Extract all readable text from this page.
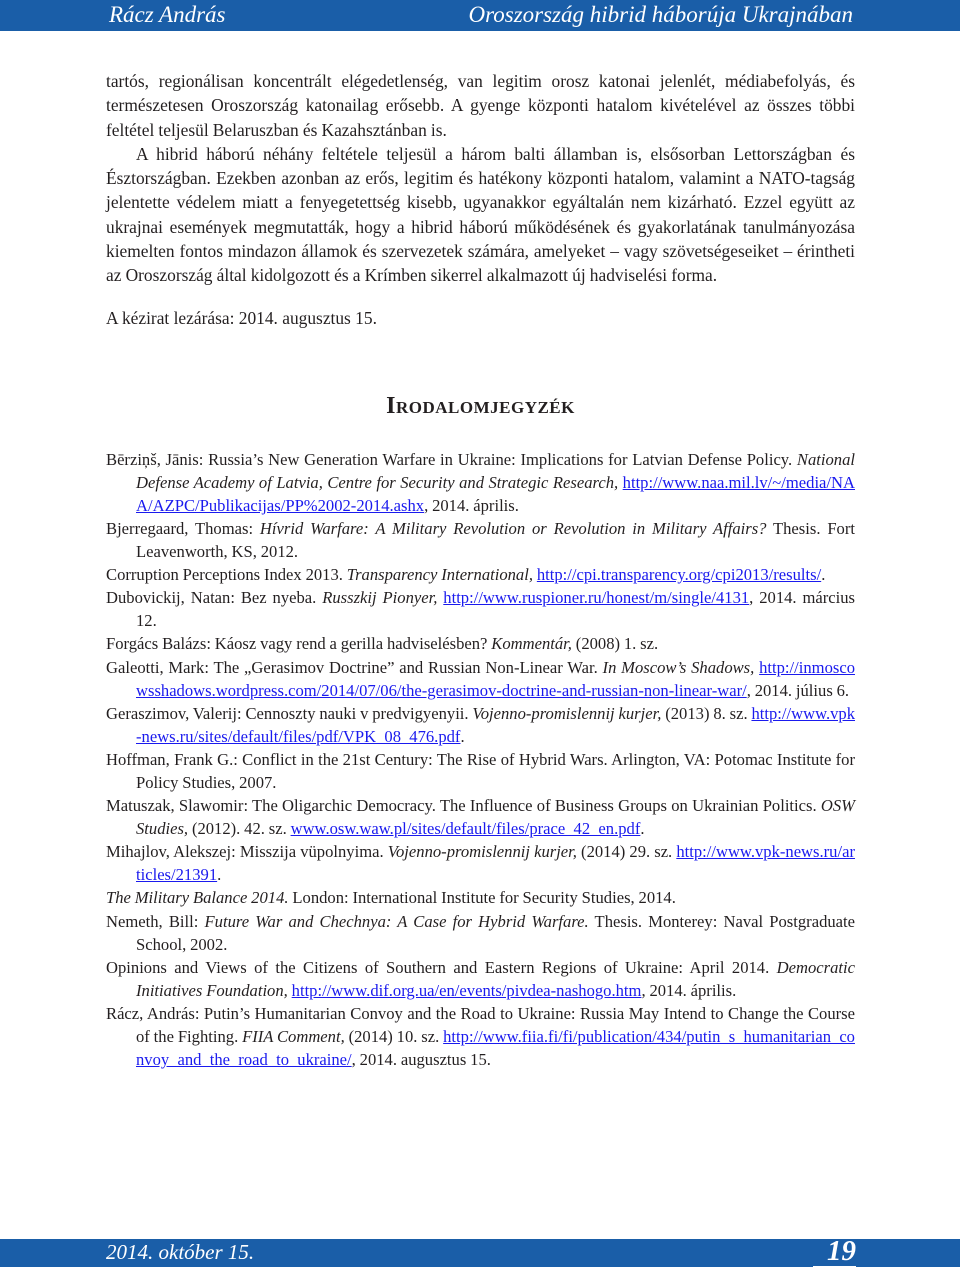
Rácz András	Oroszország hibrid háborúja Ukrajnában

tartós, regionálisan koncentrált elégedetlenség, van legitim orosz katonai jelenlét, médiabefolyás, és természetesen Oroszország katonailag erősebb. A gyenge központi hatalom kivételével az összes többi feltétel teljesül Belaruszban és Kazahsztánban is.

A hibrid háború néhány feltétele teljesül a három balti államban is, elsősorban Lettországban és Észtországban. Ezekben azonban az erős, legitim és hatékony központi hatalom, valamint a NATO-tagság jelentette védelem miatt a fenyegetettség kisebb, ugyanakkor egyáltalán nem kizárható. Ezzel együtt az ukrajnai események megmutatták, hogy a hibrid háború működésének és gyakorlatának tanulmányozása kiemelten fontos mindazon államok és szervezetek számára, amelyeket – vagy szövetségeseiket – érintheti az Oroszország által kidolgozott és a Krímben sikerrel alkalmazott új hadviselési forma.

A kézirat lezárása: 2014. augusztus 15.

Irodalomjegyzék
Bērziņš, Jānis: Russia’s New Generation Warfare in Ukraine: Implications for Latvian Defense Policy. National Defense Academy of Latvia, Centre for Security and Strategic Research, http://www.naa.mil.lv/~/media/NAA/AZPC/Publikacijas/PP%2002-2014.ashx, 2014. április.
Bjerregaard, Thomas: Hívrid Warfare: A Military Revolution or Revolution in Military Affairs? Thesis. Fort Leavenworth, KS, 2012.
Corruption Perceptions Index 2013. Transparency International, http://cpi.transparency.org/cpi2013/results/.
Dubovickij, Natan: Bez nyeba. Russzkij Pionyer, http://www.ruspioner.ru/honest/m/single/4131, 2014. március 12.
Forgács Balázs: Káosz vagy rend a gerilla hadviselésben? Kommentár, (2008) 1. sz.
Galeotti, Mark: The „Gerasimov Doctrine” and Russian Non-Linear War. In Moscow’s Shadows, http://inmoscowsshadows.wordpress.com/2014/07/06/the-gerasimov-doctrine-and-russian-non-linear-war/, 2014. július 6.
Geraszimov, Valerij: Cennoszty nauki v predvigyenyii. Vojenno-promislennij kurjer, (2013) 8. sz. http://www.vpk-news.ru/sites/default/files/pdf/VPK_08_476.pdf.
Hoffman, Frank G.: Conflict in the 21st Century: The Rise of Hybrid Wars. Arlington, VA: Potomac Institute for Policy Studies, 2007.
Matuszak, Slawomir: The Oligarchic Democracy. The Influence of Business Groups on Ukrainian Politics. OSW Studies, (2012). 42. sz. www.osw.waw.pl/sites/default/files/prace_42_en.pdf.
Mihajlov, Alekszej: Misszija vüpolnyima. Vojenno-promislennij kurjer, (2014) 29. sz. http://www.vpk-news.ru/articles/21391.
The Military Balance 2014. London: International Institute for Security Studies, 2014.
Nemeth, Bill: Future War and Chechnya: A Case for Hybrid Warfare. Thesis. Monterey: Naval Postgraduate School, 2002.
Opinions and Views of the Citizens of Southern and Eastern Regions of Ukraine: April 2014. Democratic Initiatives Foundation, http://www.dif.org.ua/en/events/pivdea-nashogo.htm, 2014. április.
Rácz, András: Putin’s Humanitarian Convoy and the Road to Ukraine: Russia May Intend to Change the Course of the Fighting. FIIA Comment, (2014) 10. sz. http://www.fiia.fi/fi/publication/434/putin_s_humanitarian_convoy_and_the_road_to_ukraine/, 2014. augusztus 15.
2014. október 15.	19
